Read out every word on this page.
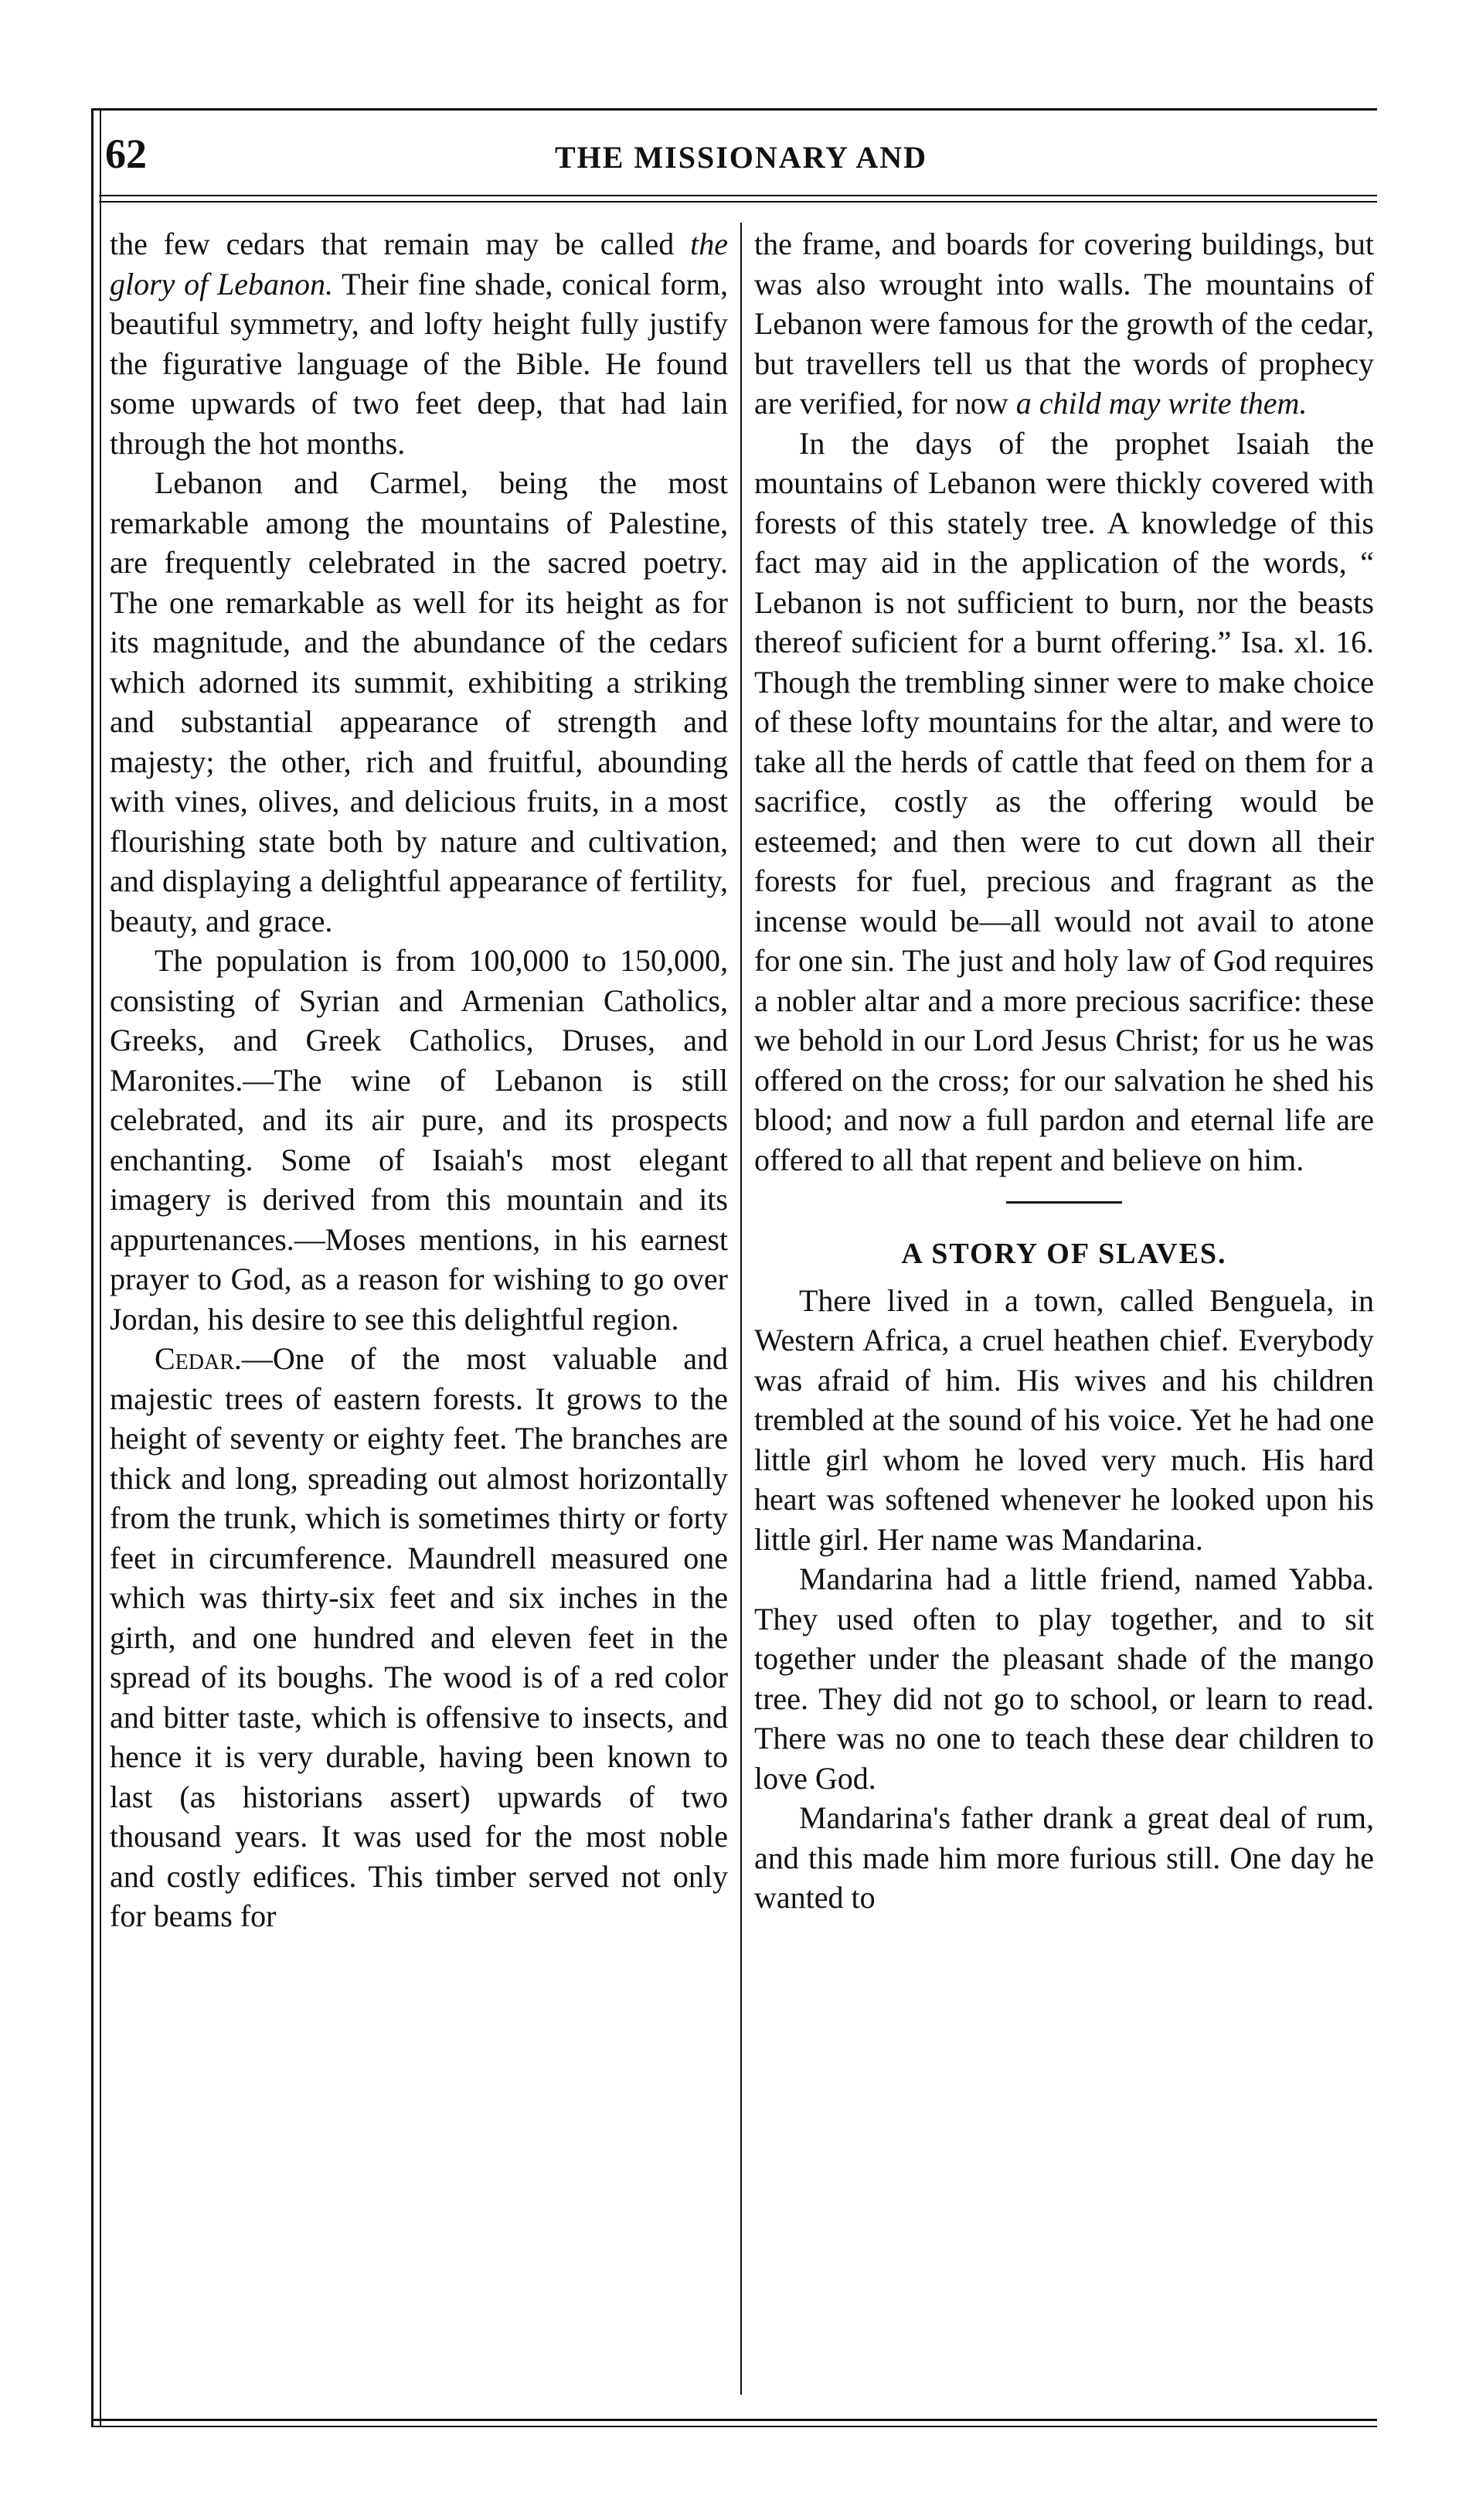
62	THE MISSIONARY AND

the few cedars that remain may be called the glory of Lebanon. Their fine shade, conical form, beautiful symmetry, and lofty height fully justify the figurative language of the Bible. He found some upwards of two feet deep, that had lain through the hot months.

Lebanon and Carmel, being the most remarkable among the mountains of Palestine, are frequently celebrated in the sacred poetry. The one remarkable as well for its height as for its magnitude, and the abundance of the cedars which adorned its summit, exhibiting a striking and substantial appearance of strength and majesty; the other, rich and fruitful, abounding with vines, olives, and delicious fruits, in a most flourishing state both by nature and cultivation, and displaying a delightful appearance of fertility, beauty, and grace.

The population is from 100,000 to 150,000, consisting of Syrian and Armenian Catholics, Greeks, and Greek Catholics, Druses, and Maronites.—The wine of Lebanon is still celebrated, and its air pure, and its prospects enchanting. Some of Isaiah's most elegant imagery is derived from this mountain and its appurtenances.—Moses mentions, in his earnest prayer to God, as a reason for wishing to go over Jordan, his desire to see this delightful region.

Cedar.—One of the most valuable and majestic trees of eastern forests. It grows to the height of seventy or eighty feet. The branches are thick and long, spreading out almost horizontally from the trunk, which is sometimes thirty or forty feet in circumference. Maundrell measured one which was thirty-six feet and six inches in the girth, and one hundred and eleven feet in the spread of its boughs. The wood is of a red color and bitter taste, which is offensive to insects, and hence it is very durable, having been known to last (as historians assert) upwards of two thousand years. It was used for the most noble and costly edifices. This timber served not only for beams for

the frame, and boards for covering buildings, but was also wrought into walls. The mountains of Lebanon were famous for the growth of the cedar, but travellers tell us that the words of prophecy are verified, for now a child may write them.

In the days of the prophet Isaiah the mountains of Lebanon were thickly covered with forests of this stately tree. A knowledge of this fact may aid in the application of the words, “ Lebanon is not sufficient to burn, nor the beasts thereof suficient for a burnt offering.” Isa. xl. 16. Though the trembling sinner were to make choice of these lofty mountains for the altar, and were to take all the herds of cattle that feed on them for a sacrifice, costly as the offering would be esteemed; and then were to cut down all their forests for fuel, precious and fragrant as the incense would be—all would not avail to atone for one sin. The just and holy law of God requires a nobler altar and a more precious sacrifice: these we behold in our Lord Jesus Christ; for us he was offered on the cross; for our salvation he shed his blood; and now a full pardon and eternal life are offered to all that repent and believe on him.

A STORY OF SLAVES.

There lived in a town, called Benguela, in Western Africa, a cruel heathen chief. Everybody was afraid of him. His wives and his children trembled at the sound of his voice. Yet he had one little girl whom he loved very much. His hard heart was softened whenever he looked upon his little girl. Her name was Mandarina.

Mandarina had a little friend, named Yabba. They used often to play together, and to sit together under the pleasant shade of the mango tree. They did not go to school, or learn to read. There was no one to teach these dear children to love God.

Mandarina's father drank a great deal of rum, and this made him more furious still. One day he wanted to
